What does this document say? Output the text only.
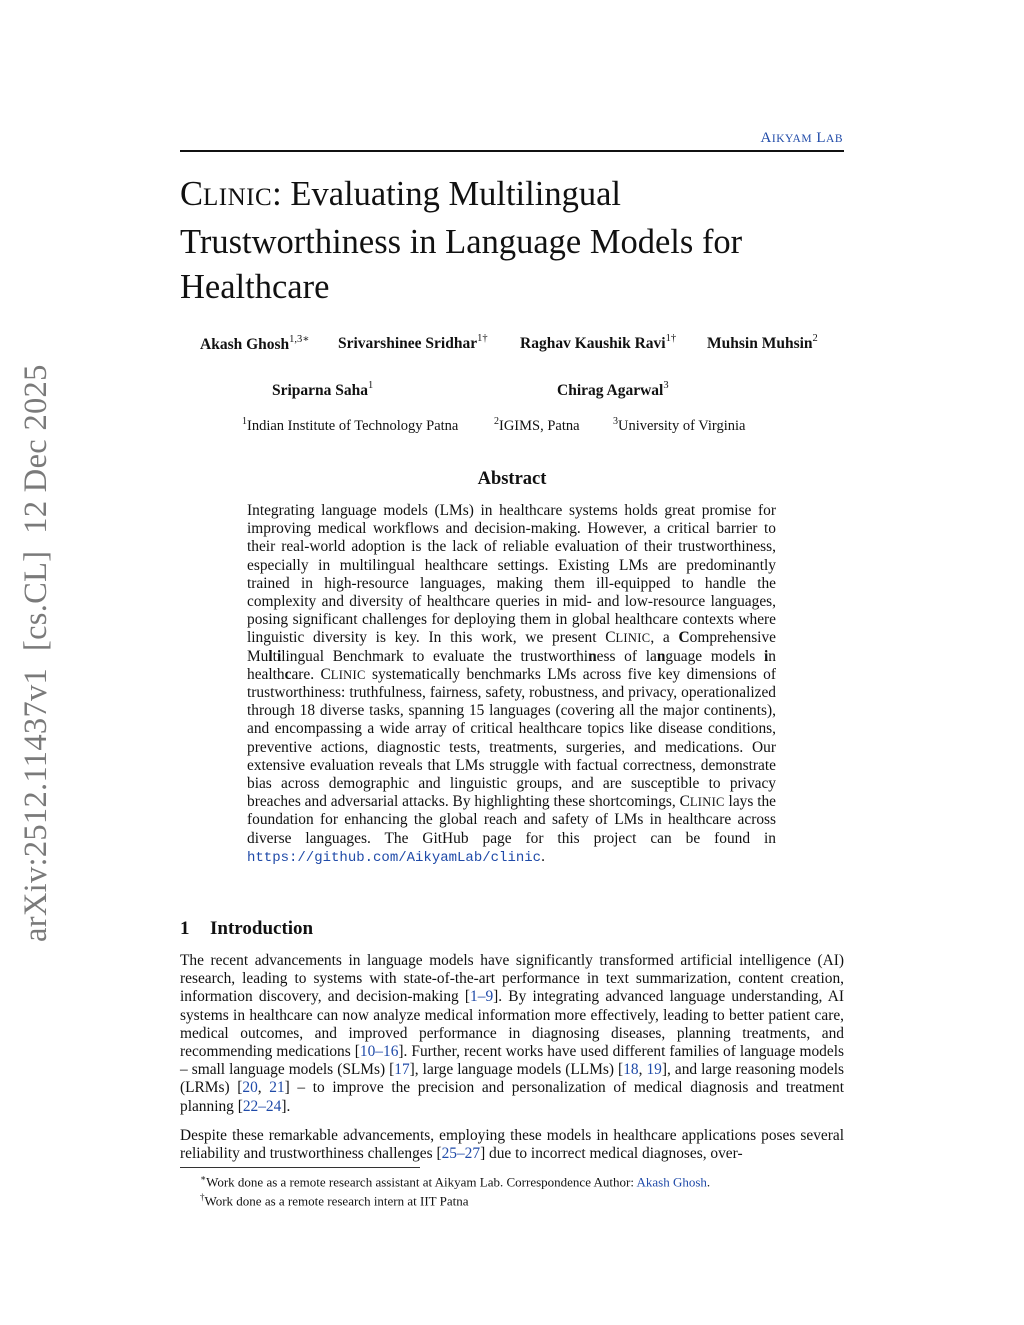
arXiv:2512.11437v1  [cs.CL]  12 Dec 2025
AIKYAM LAB
CLINIC: Evaluating Multilingual Trustworthiness in Language Models for Healthcare
Akash Ghosh$^{1,3∗}$ Srivarshinee Sridhar$^{1\dagger}$ Raghav Kaushik Ravi$^{1\dagger}$ Muhsin Muhsin$^2$
Sriparna Saha$^1$	Chirag Agarwal$^3$
$^1$Indian Institute of Technology Patna	$^2$IGIMS, Patna	$^3$University of Virginia
Abstract
Integrating language models (LMs) in healthcare systems holds great promise for improving medical workflows and decision-making. However, a critical barrier to their real-world adoption is the lack of reliable evaluation of their trustworthiness, especially in multilingual healthcare settings. Existing LMs are predominantly trained in high-resource languages, making them ill-equipped to handle the complexity and diversity of healthcare queries in mid- and low-resource languages, posing significant challenges for deploying them in global healthcare contexts where linguistic diversity is key. In this work, we present CLINIC, a Comprehensive Multilingual Benchmark to evaluate the trustworthiness of language models in healthcare. CLINIC systematically benchmarks LMs across five key dimensions of trustworthiness: truthfulness, fairness, safety, robustness, and privacy, operationalized through 18 diverse tasks, spanning 15 languages (covering all the major continents), and encompassing a wide array of critical healthcare topics like disease conditions, preventive actions, diagnostic tests, treatments, surgeries, and medications. Our extensive evaluation reveals that LMs struggle with factual correctness, demonstrate bias across demographic and linguistic groups, and are susceptible to privacy breaches and adversarial attacks. By highlighting these shortcomings, CLINIC lays the foundation for enhancing the global reach and safety of LMs in healthcare across diverse languages. The GitHub page for this project can be found in https://github.com/AikyamLab/clinic.
1 Introduction
The recent advancements in language models have significantly transformed artificial intelligence (AI) research, leading to systems with state-of-the-art performance in text summarization, content creation, information discovery, and decision-making [1–9]. By integrating advanced language understanding, AI systems in healthcare can now analyze medical information more effectively, leading to better patient care, medical outcomes, and improved performance in diagnosing diseases, planning treatments, and recommending medications [10–16]. Further, recent works have used different families of language models – small language models (SLMs) [17], large language models (LLMs) [18, 19], and large reasoning models (LRMs) [20, 21] – to improve the precision and personalization of medical diagnosis and treatment planning [22–24].
Despite these remarkable advancements, employing these models in healthcare applications poses several reliability and trustworthiness challenges [25–27] due to incorrect medical diagnoses, over-
∗Work done as a remote research assistant at Aikyam Lab. Correspondence Author: Akash Ghosh.
†Work done as a remote research intern at IIT Patna
